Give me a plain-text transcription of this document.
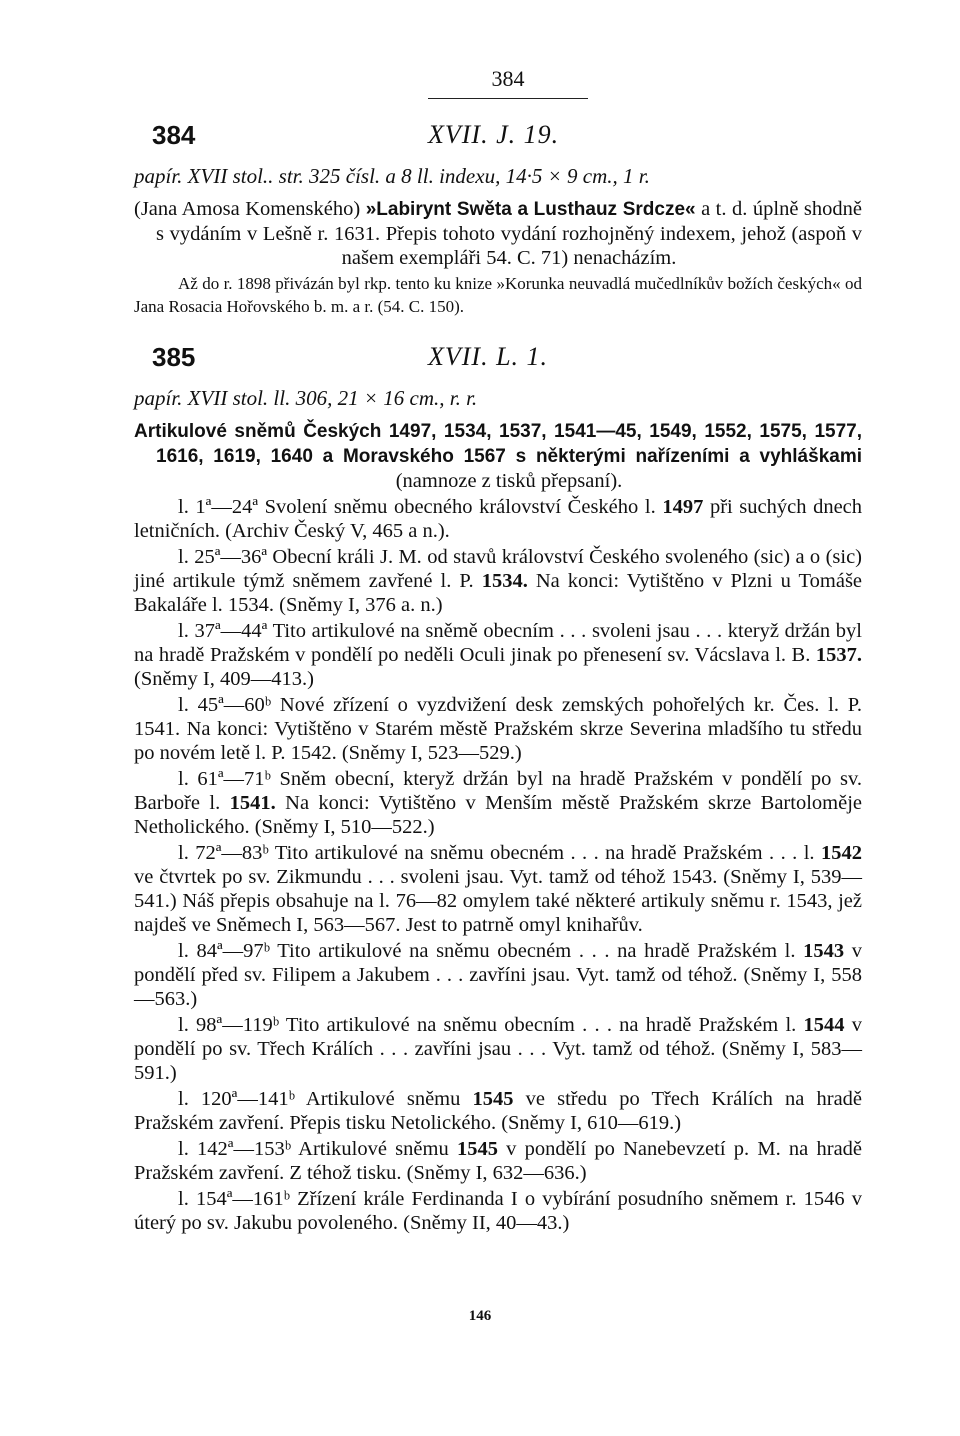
384
384	XVII. J. 19.
papír. XVII stol.. str. 325 čísl. a 8 ll. indexu, 14·5 × 9 cm., 1 r.
(Jana Amosa Komenského) »Labirynt Swěta a Lusthauz Srdcze« a t. d. úplně shodně s vydáním v Lešně r. 1631. Přepis tohoto vydání rozhojněný indexem, jehož (aspoň v našem exempláři 54. C. 71) nenacházím.
Až do r. 1898 přivázán byl rkp. tento ku knize »Korunka neuvadlá mučedlníkův božích českých« od Jana Rosacia Hořovského b. m. a r. (54. C. 150).
385	XVII. L. 1.
papír. XVII stol. ll. 306, 21 × 16 cm., r. r.
Artikulové sněmů Českých 1497, 1534, 1537, 1541—45, 1549, 1552, 1575, 1577, 1616, 1619, 1640 a Moravského 1567 s některými nařízeními a vyhláškami (namnoze z tisků přepsaní).
l. 1ª—24ª Svolení sněmu obecného království Českého l. 1497 při suchých dnech letničních. (Archiv Český V, 465 a n.).
l. 25ª—36ª Obecní králi J. M. od stavů království Českého svoleného (sic) a o (sic) jiné artikule týmž sněmem zavřené l. P. 1534. Na konci: Vytištěno v Plzni u Tomáše Bakaláře l. 1534. (Sněmy I, 376 a. n.)
l. 37ª—44ª Tito artikulové na sněmě obecním . . . svoleni jsau . . . kteryž držán byl na hradě Pražském v pondělí po neděli Oculi jinak po přenesení sv. Vácslava l. B. 1537. (Sněmy I, 409—413.)
l. 45ª—60ᵇ Nové zřízení o vyzdvižení desk zemských pohořelých kr. Čes. l. P. 1541. Na konci: Vytištěno v Starém městě Pražském skrze Severina mladšího tu středu po novém letě l. P. 1542. (Sněmy I, 523—529.)
l. 61ª—71ᵇ Sněm obecní, kteryž držán byl na hradě Pražském v pondělí po sv. Barboře l. 1541. Na konci: Vytištěno v Menším městě Pražském skrze Bartoloměje Netholického. (Sněmy I, 510—522.)
l. 72ª—83ᵇ Tito artikulové na sněmu obecném . . . na hradě Pražském . . . l. 1542 ve čtvrtek po sv. Zikmundu . . . svoleni jsau. Vyt. tamž od téhož 1543. (Sněmy I, 539—541.) Náš přepis obsahuje na l. 76—82 omylem také některé artikuly sněmu r. 1543, jež najdeš ve Sněmech I, 563—567. Jest to patrně omyl knihařův.
l. 84ª—97ᵇ Tito artikulové na sněmu obecném . . . na hradě Pražském l. 1543 v pondělí před sv. Filipem a Jakubem . . . zavříni jsau. Vyt. tamž od téhož. (Sněmy I, 558—563.)
l. 98ª—119ᵇ Tito artikulové na sněmu obecním . . . na hradě Pražském l. 1544 v pondělí po sv. Třech Králích . . . zavříni jsau . . . Vyt. tamž od téhož. (Sněmy I, 583—591.)
l. 120ª—141ᵇ Artikulové sněmu 1545 ve středu po Třech Králích na hradě Pražském zavření. Přepis tisku Netolického. (Sněmy I, 610—619.)
l. 142ª—153ᵇ Artikulové sněmu 1545 v pondělí po Nanebevzetí p. M. na hradě Pražském zavření. Z téhož tisku. (Sněmy I, 632—636.)
l. 154ª—161ᵇ Zřízení krále Ferdinanda I o vybírání posudního sněmem r. 1546 v úterý po sv. Jakubu povoleného. (Sněmy II, 40—43.)
146
